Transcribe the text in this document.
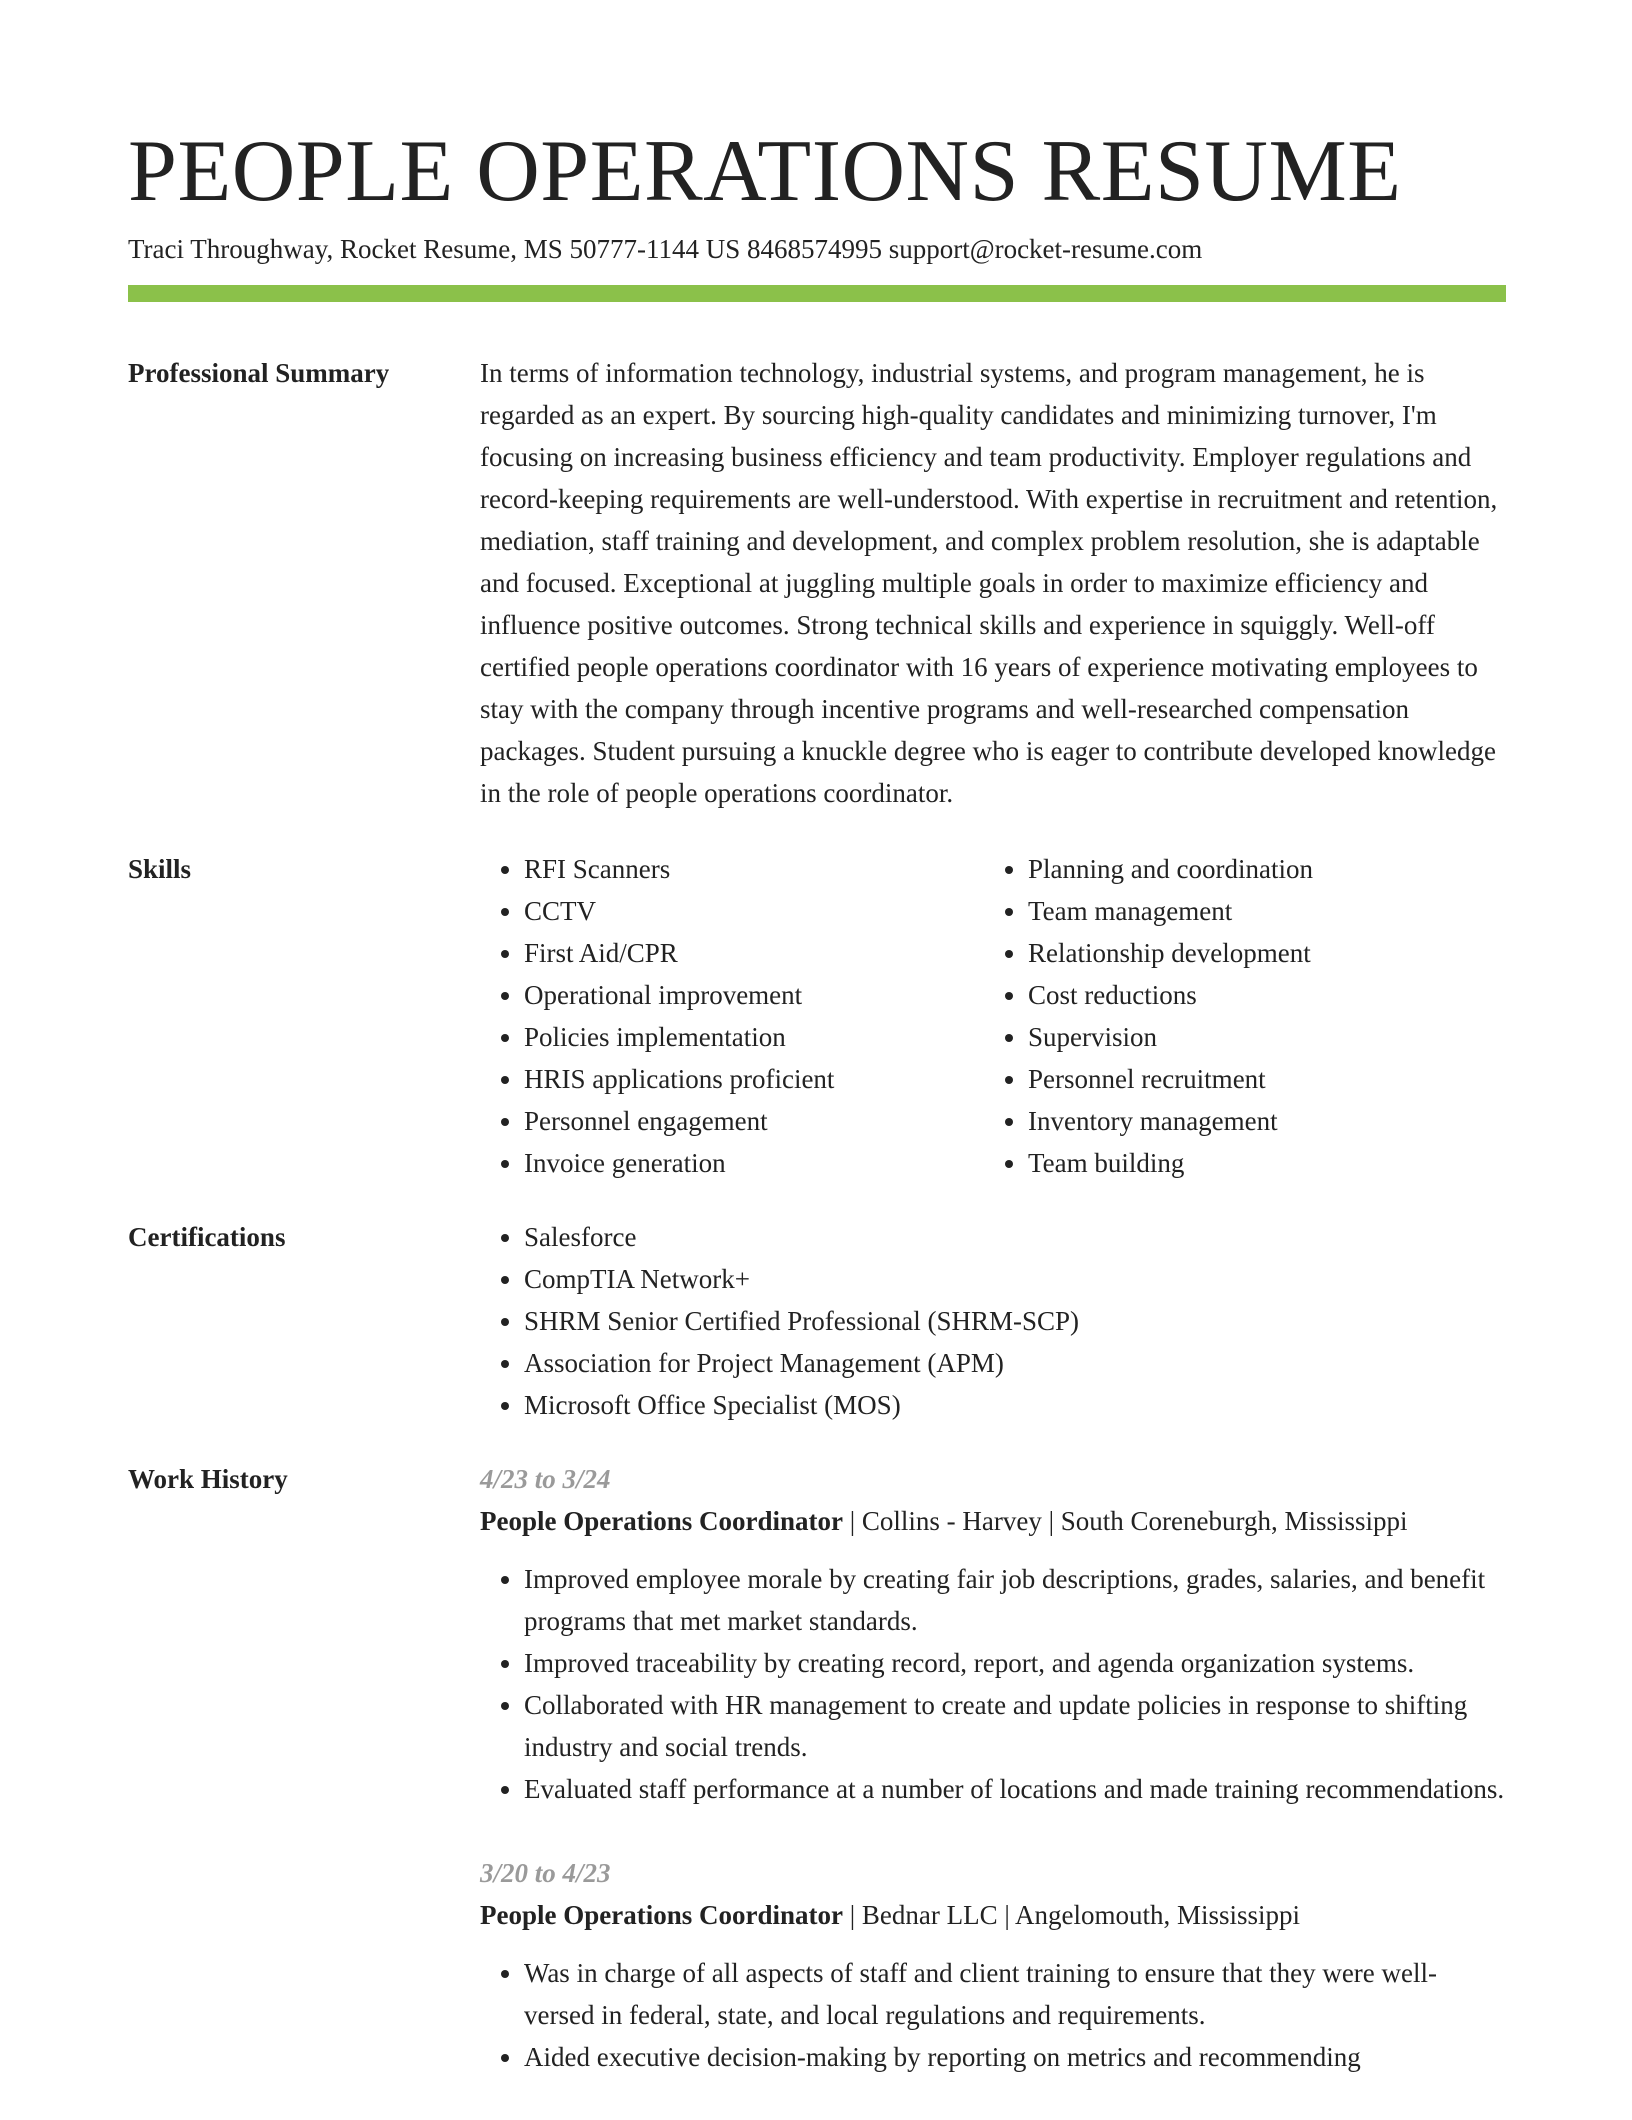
PEOPLE OPERATIONS RESUME
Traci Throughway, Rocket Resume, MS 50777-1144 US 8468574995 support@rocket-resume.com
Professional Summary	In terms of information technology, industrial systems, and program management, he is regarded as an expert. By sourcing high-quality candidates and minimizing turnover, I'm focusing on increasing business efficiency and team productivity. Employer regulations and record-keeping requirements are well-understood. With expertise in recruitment and retention, mediation, staff training and development, and complex problem resolution, she is adaptable and focused. Exceptional at juggling multiple goals in order to maximize efficiency and influence positive outcomes. Strong technical skills and experience in squiggly. Well-off certified people operations coordinator with 16 years of experience motivating employees to stay with the company through incentive programs and well-researched compensation packages. Student pursuing a knuckle degree who is eager to contribute developed knowledge in the role of people operations coordinator.

Skills	• RFI Scanners
• CCTV
• First Aid/CPR
• Operational improvement
• Policies implementation
• HRIS applications proficient
• Personnel engagement
• Invoice generation
• Planning and coordination
• Team management
• Relationship development
• Cost reductions
• Supervision
• Personnel recruitment
• Inventory management
• Team building
Certifications	• Salesforce
• CompTIA Network+
• SHRM Senior Certified Professional (SHRM-SCP)
• Association for Project Management (APM)
• Microsoft Office Specialist (MOS)
Work History	4/23 to 3/24
People Operations Coordinator | Collins - Harvey | South Coreneburgh, Mississippi
• Improved employee morale by creating fair job descriptions, grades, salaries, and benefit programs that met market standards.
• Improved traceability by creating record, report, and agenda organization systems.
• Collaborated with HR management to create and update policies in response to shifting industry and social trends.
• Evaluated staff performance at a number of locations and made training recommendations.
3/20 to 4/23
People Operations Coordinator | Bednar LLC | Angelomouth, Mississippi
• Was in charge of all aspects of staff and client training to ensure that they were well-versed in federal, state, and local regulations and requirements.
• Aided executive decision-making by reporting on metrics and recommending
